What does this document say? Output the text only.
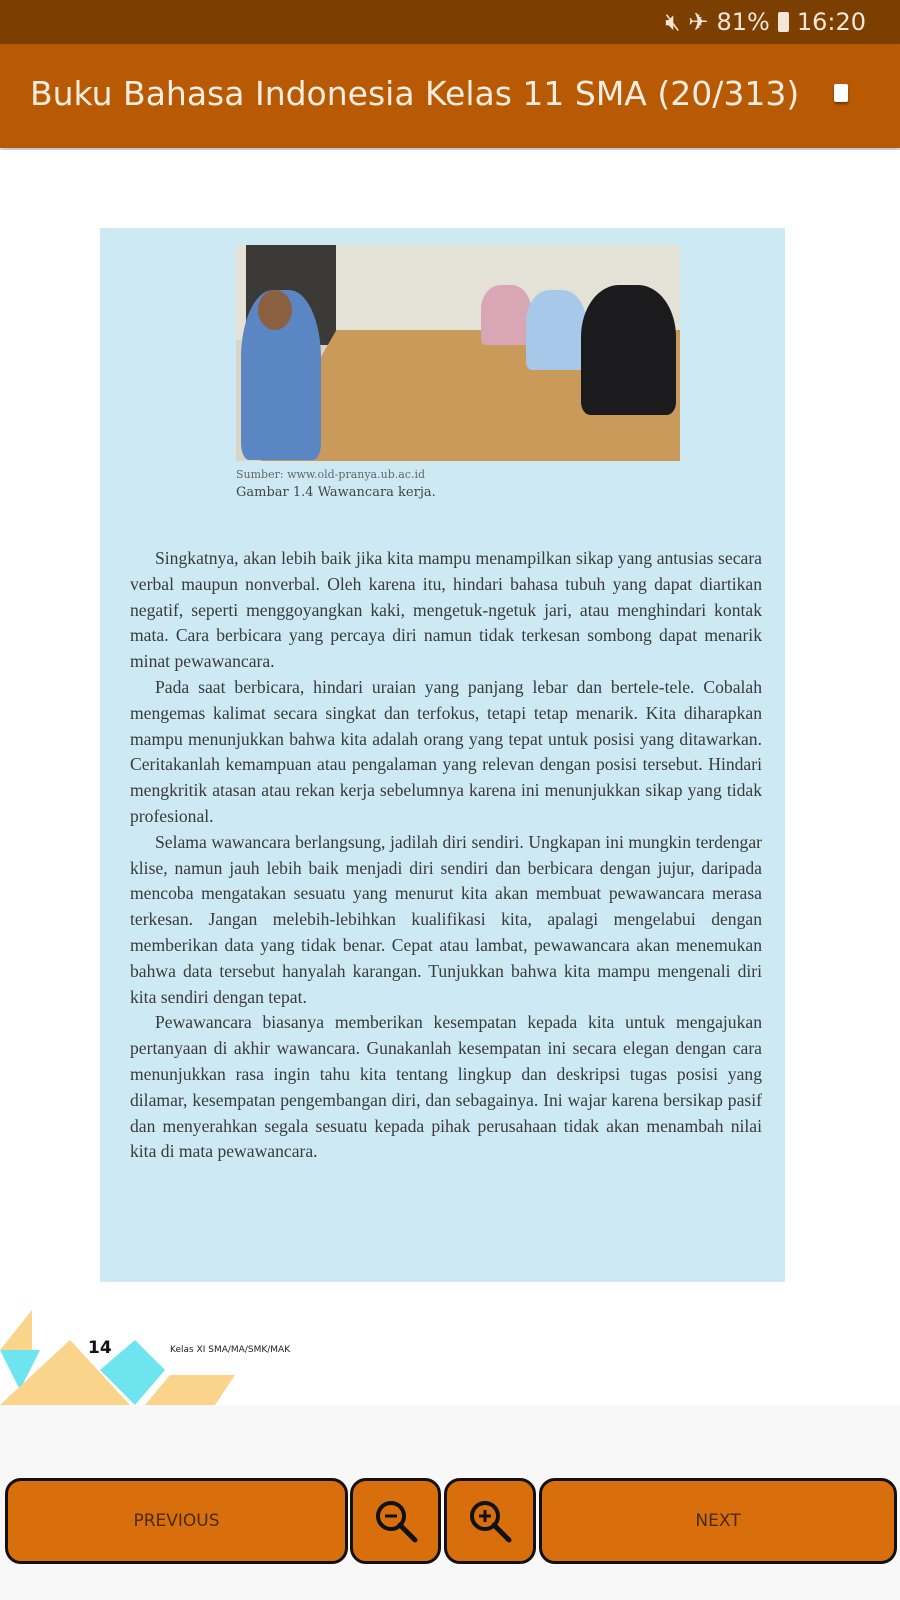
🔇︎ ✈ 81% 16:20
Buku Bahasa Indonesia Kelas 11 SMA (20/313)
Sumber: www.old-pranya.ub.ac.id
Gambar 1.4 Wawancara kerja.

Singkatnya, akan lebih baik jika kita mampu menampilkan sikap yang antusias secara verbal maupun nonverbal. Oleh karena itu, hindari bahasa tubuh yang dapat diartikan negatif, seperti menggoyangkan kaki, mengetuk-ngetuk jari, atau menghindari kontak mata. Cara berbicara yang percaya diri namun tidak terkesan sombong dapat menarik minat pewawancara.

Pada saat berbicara, hindari uraian yang panjang lebar dan bertele-tele. Cobalah mengemas kalimat secara singkat dan terfokus, tetapi tetap menarik. Kita diharapkan mampu menunjukkan bahwa kita adalah orang yang tepat untuk posisi yang ditawarkan. Ceritakanlah kemampuan atau pengalaman yang relevan dengan posisi tersebut. Hindari mengkritik atasan atau rekan kerja sebelumnya karena ini menunjukkan sikap yang tidak profesional.

Selama wawancara berlangsung, jadilah diri sendiri. Ungkapan ini mungkin terdengar klise, namun jauh lebih baik menjadi diri sendiri dan berbicara dengan jujur, daripada mencoba mengatakan sesuatu yang menurut kita akan membuat pewawancara merasa terkesan. Jangan melebih-lebihkan kualifikasi kita, apalagi mengelabui dengan memberikan data yang tidak benar. Cepat atau lambat, pewawancara akan menemukan bahwa data tersebut hanyalah karangan. Tunjukkan bahwa kita mampu mengenali diri kita sendiri dengan tepat.

Pewawancara biasanya memberikan kesempatan kepada kita untuk mengajukan pertanyaan di akhir wawancara. Gunakanlah kesempatan ini secara elegan dengan cara menunjukkan rasa ingin tahu kita tentang lingkup dan deskripsi tugas posisi yang dilamar, kesempatan pengembangan diri, dan sebagainya. Ini wajar karena bersikap pasif dan menyerahkan segala sesuatu kepada pihak perusahaan tidak akan menambah nilai kita di mata pewawancara.

14	Kelas XI SMA/MA/SMK/MAK
PREVIOUS	NEXT
